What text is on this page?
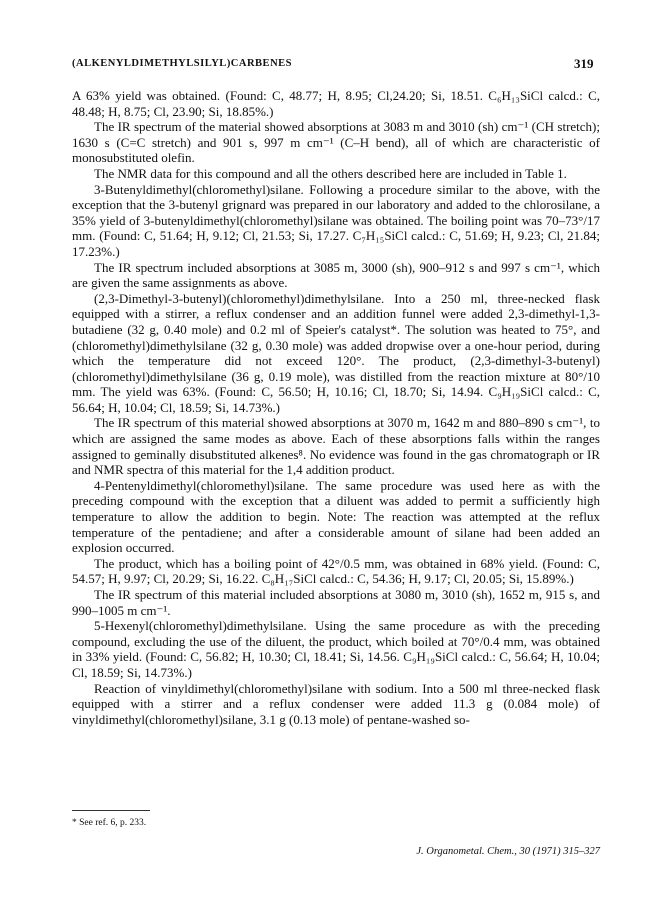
(ALKENYLDIMETHYLSILYL)CARBENES	319

A 63% yield was obtained. (Found: C, 48.77; H, 8.95; Cl,24.20; Si, 18.51. C₆H₁₃SiCl calcd.: C, 48.48; H, 8.75; Cl, 23.90; Si, 18.85%.)

The IR spectrum of the material showed absorptions at 3083 m and 3010 (sh) cm⁻¹ (CH stretch); 1630 s (C=C stretch) and 901 s, 997 m cm⁻¹ (C–H bend), all of which are characteristic of monosubstituted olefin.

The NMR data for this compound and all the others described here are included in Table 1.

3-Butenyldimethyl(chloromethyl)silane. Following a procedure similar to the above, with the exception that the 3-butenyl grignard was prepared in our laboratory and added to the chlorosilane, a 35% yield of 3-butenyldimethyl(chloromethyl)silane was obtained. The boiling point was 70–73°/17 mm. (Found: C, 51.64; H, 9.12; Cl, 21.53; Si, 17.27. C₇H₁₅SiCl calcd.: C, 51.69; H, 9.23; Cl, 21.84; 17.23%.)

The IR spectrum included absorptions at 3085 m, 3000 (sh), 900–912 s and 997 s cm⁻¹, which are given the same assignments as above.

(2,3-Dimethyl-3-butenyl)(chloromethyl)dimethylsilane. Into a 250 ml, three-necked flask equipped with a stirrer, a reflux condenser and an addition funnel were added 2,3-dimethyl-1,3-butadiene (32 g, 0.40 mole) and 0.2 ml of Speier's catalyst*. The solution was heated to 75°, and (chloromethyl)dimethylsilane (32 g, 0.30 mole) was added dropwise over a one-hour period, during which the temperature did not exceed 120°. The product, (2,3-dimethyl-3-butenyl)(chloromethyl)dimethylsilane (36 g, 0.19 mole), was distilled from the reaction mixture at 80°/10 mm. The yield was 63%. (Found: C, 56.50; H, 10.16; Cl, 18.70; Si, 14.94. C₉H₁₉SiCl calcd.: C, 56.64; H, 10.04; Cl, 18.59; Si, 14.73%.)

The IR spectrum of this material showed absorptions at 3070 m, 1642 m and 880–890 s cm⁻¹, to which are assigned the same modes as above. Each of these absorptions falls within the ranges assigned to geminally disubstituted alkenes⁸. No evidence was found in the gas chromatograph or IR and NMR spectra of this material for the 1,4 addition product.

4-Pentenyldimethyl(chloromethyl)silane. The same procedure was used here as with the preceding compound with the exception that a diluent was added to permit a sufficiently high temperature to allow the addition to begin. Note: The reaction was attempted at the reflux temperature of the pentadiene; and after a considerable amount of silane had been added an explosion occurred.

The product, which has a boiling point of 42°/0.5 mm, was obtained in 68% yield. (Found: C, 54.57; H, 9.97; Cl, 20.29; Si, 16.22. C₈H₁₇SiCl calcd.: C, 54.36; H, 9.17; Cl, 20.05; Si, 15.89%.)

The IR spectrum of this material included absorptions at 3080 m, 3010 (sh), 1652 m, 915 s, and 990–1005 m cm⁻¹.

5-Hexenyl(chloromethyl)dimethylsilane. Using the same procedure as with the preceding compound, excluding the use of the diluent, the product, which boiled at 70°/0.4 mm, was obtained in 33% yield. (Found: C, 56.82; H, 10.30; Cl, 18.41; Si, 14.56. C₉H₁₉SiCl calcd.: C, 56.64; H, 10.04; Cl, 18.59; Si, 14.73%.)

Reaction of vinyldimethyl(chloromethyl)silane with sodium. Into a 500 ml three-necked flask equipped with a stirrer and a reflux condenser were added 11.3 g (0.084 mole) of vinyldimethyl(chloromethyl)silane, 3.1 g (0.13 mole) of pentane-washed so-

* See ref. 6, p. 233.
J. Organometal. Chem., 30 (1971) 315–327
